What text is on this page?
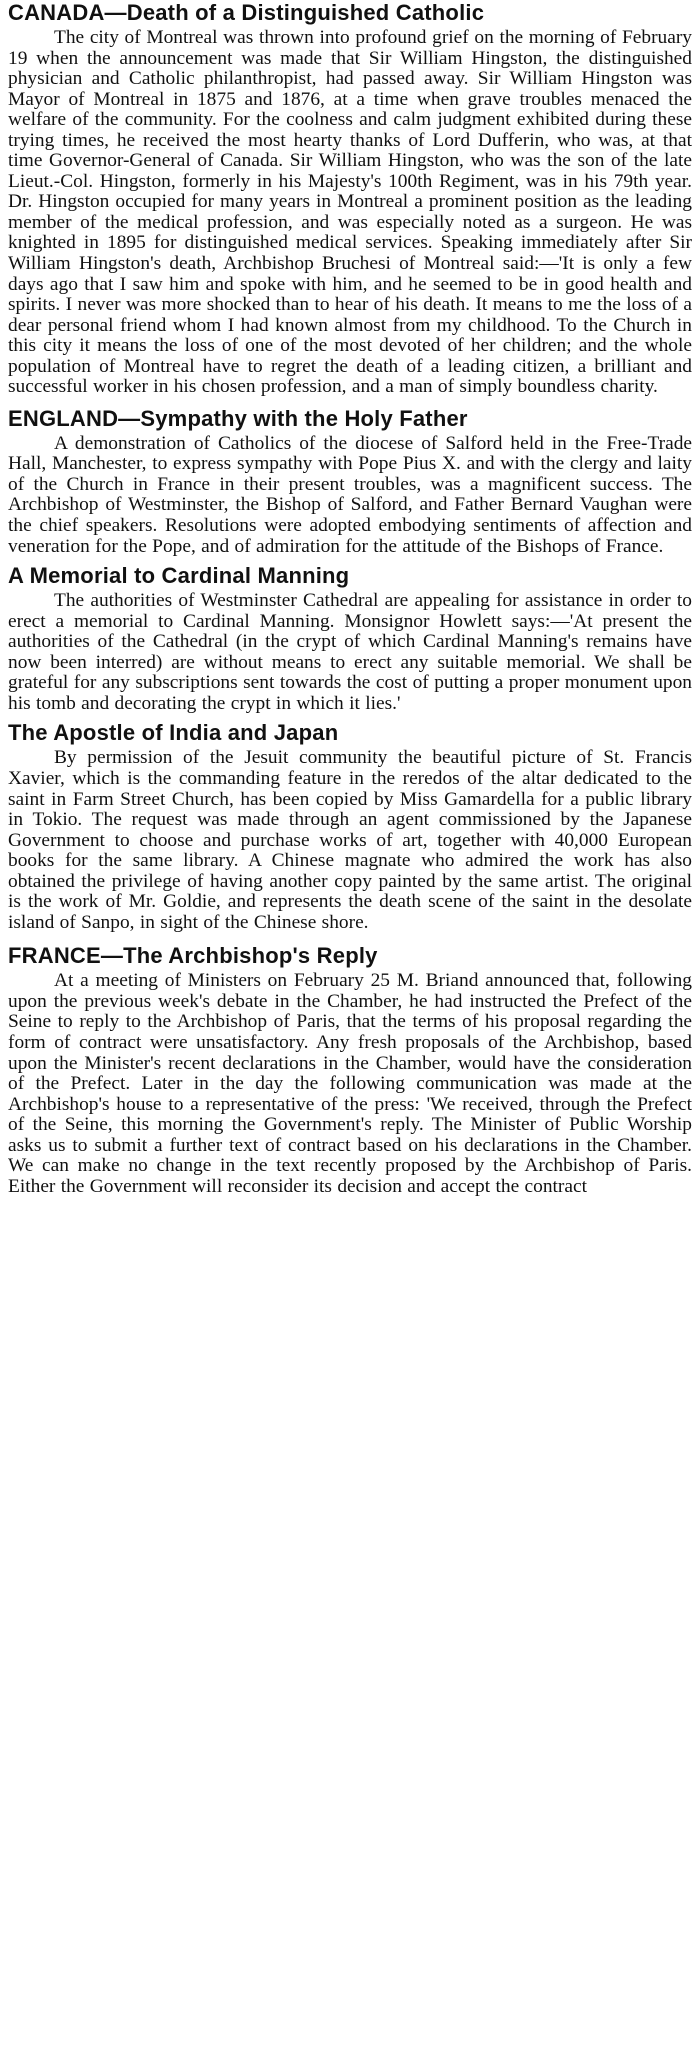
CANADA—Death of a Distinguished Catholic

The city of Montreal was thrown into profound grief on the morning of February 19 when the announcement was made that Sir William Hingston, the distinguished physician and Catholic philanthropist, had passed away. Sir William Hingston was Mayor of Montreal in 1875 and 1876, at a time when grave troubles menaced the welfare of the community. For the coolness and calm judgment exhibited during these trying times, he received the most hearty thanks of Lord Dufferin, who was, at that time Governor-General of Canada. Sir William Hingston, who was the son of the late Lieut.-Col. Hingston, formerly in his Majesty's 100th Regiment, was in his 79th year. Dr. Hingston occupied for many years in Montreal a prominent position as the leading member of the medical profession, and was especially noted as a surgeon. He was knighted in 1895 for distinguished medical services. Speaking immediately after Sir William Hingston's death, Archbishop Bruchesi of Montreal said:—'It is only a few days ago that I saw him and spoke with him, and he seemed to be in good health and spirits. I never was more shocked than to hear of his death. It means to me the loss of a dear personal friend whom I had known almost from my childhood. To the Church in this city it means the loss of one of the most devoted of her children; and the whole population of Montreal have to regret the death of a leading citizen, a brilliant and successful worker in his chosen profession, and a man of simply boundless charity.

ENGLAND—Sympathy with the Holy Father

A demonstration of Catholics of the diocese of Salford held in the Free-Trade Hall, Manchester, to express sympathy with Pope Pius X. and with the clergy and laity of the Church in France in their present troubles, was a magnificent success. The Archbishop of Westminster, the Bishop of Salford, and Father Bernard Vaughan were the chief speakers. Resolutions were adopted embodying sentiments of affection and veneration for the Pope, and of admiration for the attitude of the Bishops of France.

A Memorial to Cardinal Manning

The authorities of Westminster Cathedral are appealing for assistance in order to erect a memorial to Cardinal Manning. Monsignor Howlett says:—'At present the authorities of the Cathedral (in the crypt of which Cardinal Manning's remains have now been interred) are without means to erect any suitable memorial. We shall be grateful for any subscriptions sent towards the cost of putting a proper monument upon his tomb and decorating the crypt in which it lies.'

The Apostle of India and Japan

By permission of the Jesuit community the beautiful picture of St. Francis Xavier, which is the commanding feature in the reredos of the altar dedicated to the saint in Farm Street Church, has been copied by Miss Gamardella for a public library in Tokio. The request was made through an agent commissioned by the Japanese Government to choose and purchase works of art, together with 40,000 European books for the same library. A Chinese magnate who admired the work has also obtained the privilege of having another copy painted by the same artist. The original is the work of Mr. Goldie, and represents the death scene of the saint in the desolate island of Sanpo, in sight of the Chinese shore.

FRANCE—The Archbishop's Reply

At a meeting of Ministers on February 25 M. Briand announced that, following upon the previous week's debate in the Chamber, he had instructed the Prefect of the Seine to reply to the Archbishop of Paris, that the terms of his proposal regarding the form of contract were unsatisfactory. Any fresh proposals of the Archbishop, based upon the Minister's recent declarations in the Chamber, would have the consideration of the Prefect. Later in the day the following communication was made at the Archbishop's house to a representative of the press: 'We received, through the Prefect of the Seine, this morning the Government's reply. The Minister of Public Worship asks us to submit a further text of contract based on his declarations in the Chamber. We can make no change in the text recently proposed by the Archbishop of Paris. Either the Government will reconsider its decision and accept the contract
